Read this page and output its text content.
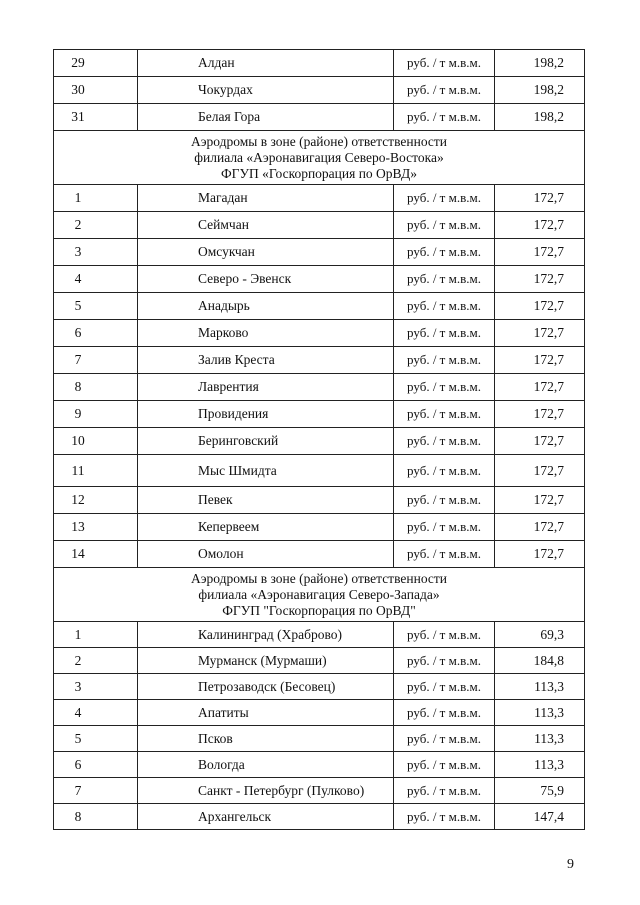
29	Алдан	руб. / т м.в.м.	198,2
30	Чокурдах	руб. / т м.в.м.	198,2
31	Белая Гора	руб. / т м.в.м.	198,2

Аэродромы в зоне (районе) ответственности
филиала «Аэронавигация Северо-Востока»
ФГУП «Госкорпорация по ОрВД»			

1	Магадан	руб. / т м.в.м.	172,7
2	Сеймчан	руб. / т м.в.м.	172,7
3	Омсукчан	руб. / т м.в.м.	172,7
4	Северо - Эвенск	руб. / т м.в.м.	172,7
5	Анадырь	руб. / т м.в.м.	172,7
6	Марково	руб. / т м.в.м.	172,7
7	Залив Креста	руб. / т м.в.м.	172,7
8	Лаврентия	руб. / т м.в.м.	172,7
9	Провидения	руб. / т м.в.м.	172,7
10	Беринговский	руб. / т м.в.м.	172,7
11	Мыс Шмидта	руб. / т м.в.м.	172,7
12	Певек	руб. / т м.в.м.	172,7
13	Кепервеем	руб. / т м.в.м.	172,7
14	Омолон	руб. / т м.в.м.	172,7

Аэродромы в зоне (районе) ответственности
филиала «Аэронавигация Северо-Запада»
ФГУП "Госкорпорация по ОрВД"			

1	Калининград (Храброво)	руб. / т м.в.м.	69,3
2	Мурманск (Мурмаши)	руб. / т м.в.м.	184,8
3	Петрозаводск (Бесовец)	руб. / т м.в.м.	113,3
4	Апатиты	руб. / т м.в.м.	113,3
5	Псков	руб. / т м.в.м.	113,3
6	Вологда	руб. / т м.в.м.	113,3
7	Санкт - Петербург (Пулково)	руб. / т м.в.м.	75,9
8	Архангельск	руб. / т м.в.м.	147,4
9
